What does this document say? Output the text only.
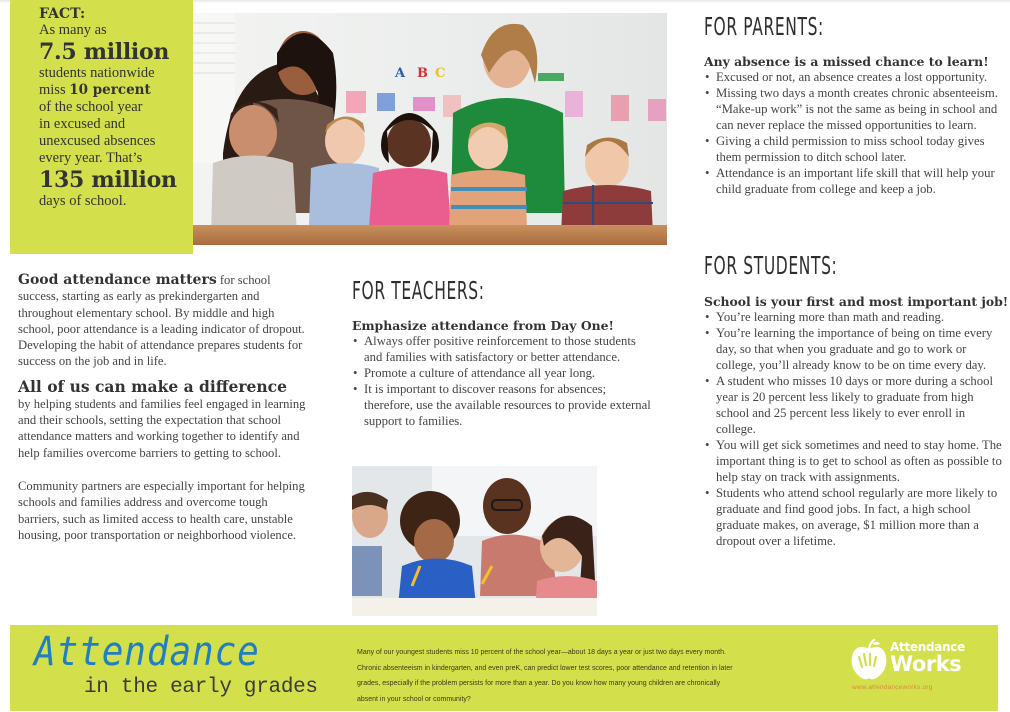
FACT:
As many as
7.5 million
students nationwide
miss 10 percent
of the school year
in excused and
unexcused absences
every year. That’s
135 million
days of school.
A B C

Good attendance matters for school success, starting as early as prekindergarten and throughout elementary school. By middle and high school, poor attendance is a leading indicator of dropout. Developing the habit of attendance prepares students for success on the job and in life.

All of us can make a difference

by helping students and families feel engaged in learning and their schools, setting the expectation that school attendance matters and working together to identify and help families overcome barriers to getting to school.

Community partners are especially important for helping schools and families address and overcome tough barriers, such as limited access to health care, unstable housing, poor transportation or neighborhood violence.

FOR TEACHERS:
Emphasize attendance from Day One!
• Always offer positive reinforcement to those students and families with satisfactory or better attendance.
• Promote a culture of attendance all year long.
• It is important to discover reasons for absences; therefore, use the available resources to provide external support to families.
FOR PARENTS:
Any absence is a missed chance to learn!
• Excused or not, an absence creates a lost opportunity.
• Missing two days a month creates chronic absenteeism. “Make-up work” is not the same as being in school and can never replace the missed opportunities to learn.
• Giving a child permission to miss school today gives them permission to ditch school later.
• Attendance is an important life skill that will help your child graduate from college and keep a job.
FOR STUDENTS:
School is your first and most important job!
• You’re learning more than math and reading.
• You’re learning the importance of being on time every day, so that when you graduate and go to work or college, you’ll already know to be on time every day.
• A student who misses 10 days or more during a school year is 20 percent less likely to graduate from high school and 25 percent less likely to ever enroll in college.
• You will get sick sometimes and need to stay home. The important thing is to get to school as often as possible to help stay on track with assignments.
• Students who attend school regularly are more likely to graduate and find good jobs. In fact, a high school graduate makes, on average, $1 million more than a dropout over a lifetime.
Attendance
in the early grades
Many of our youngest students miss 10 percent of the school year—about 18 days a year or just two days every month.
Chronic absenteeism in kindergarten, and even preK, can predict lower test scores, poor attendance and retention in later
grades, especially if the problem persists for more than a year. Do you know how many young children are chronically
absent in your school or community?
Attendance
Works
www.attendanceworks.org
